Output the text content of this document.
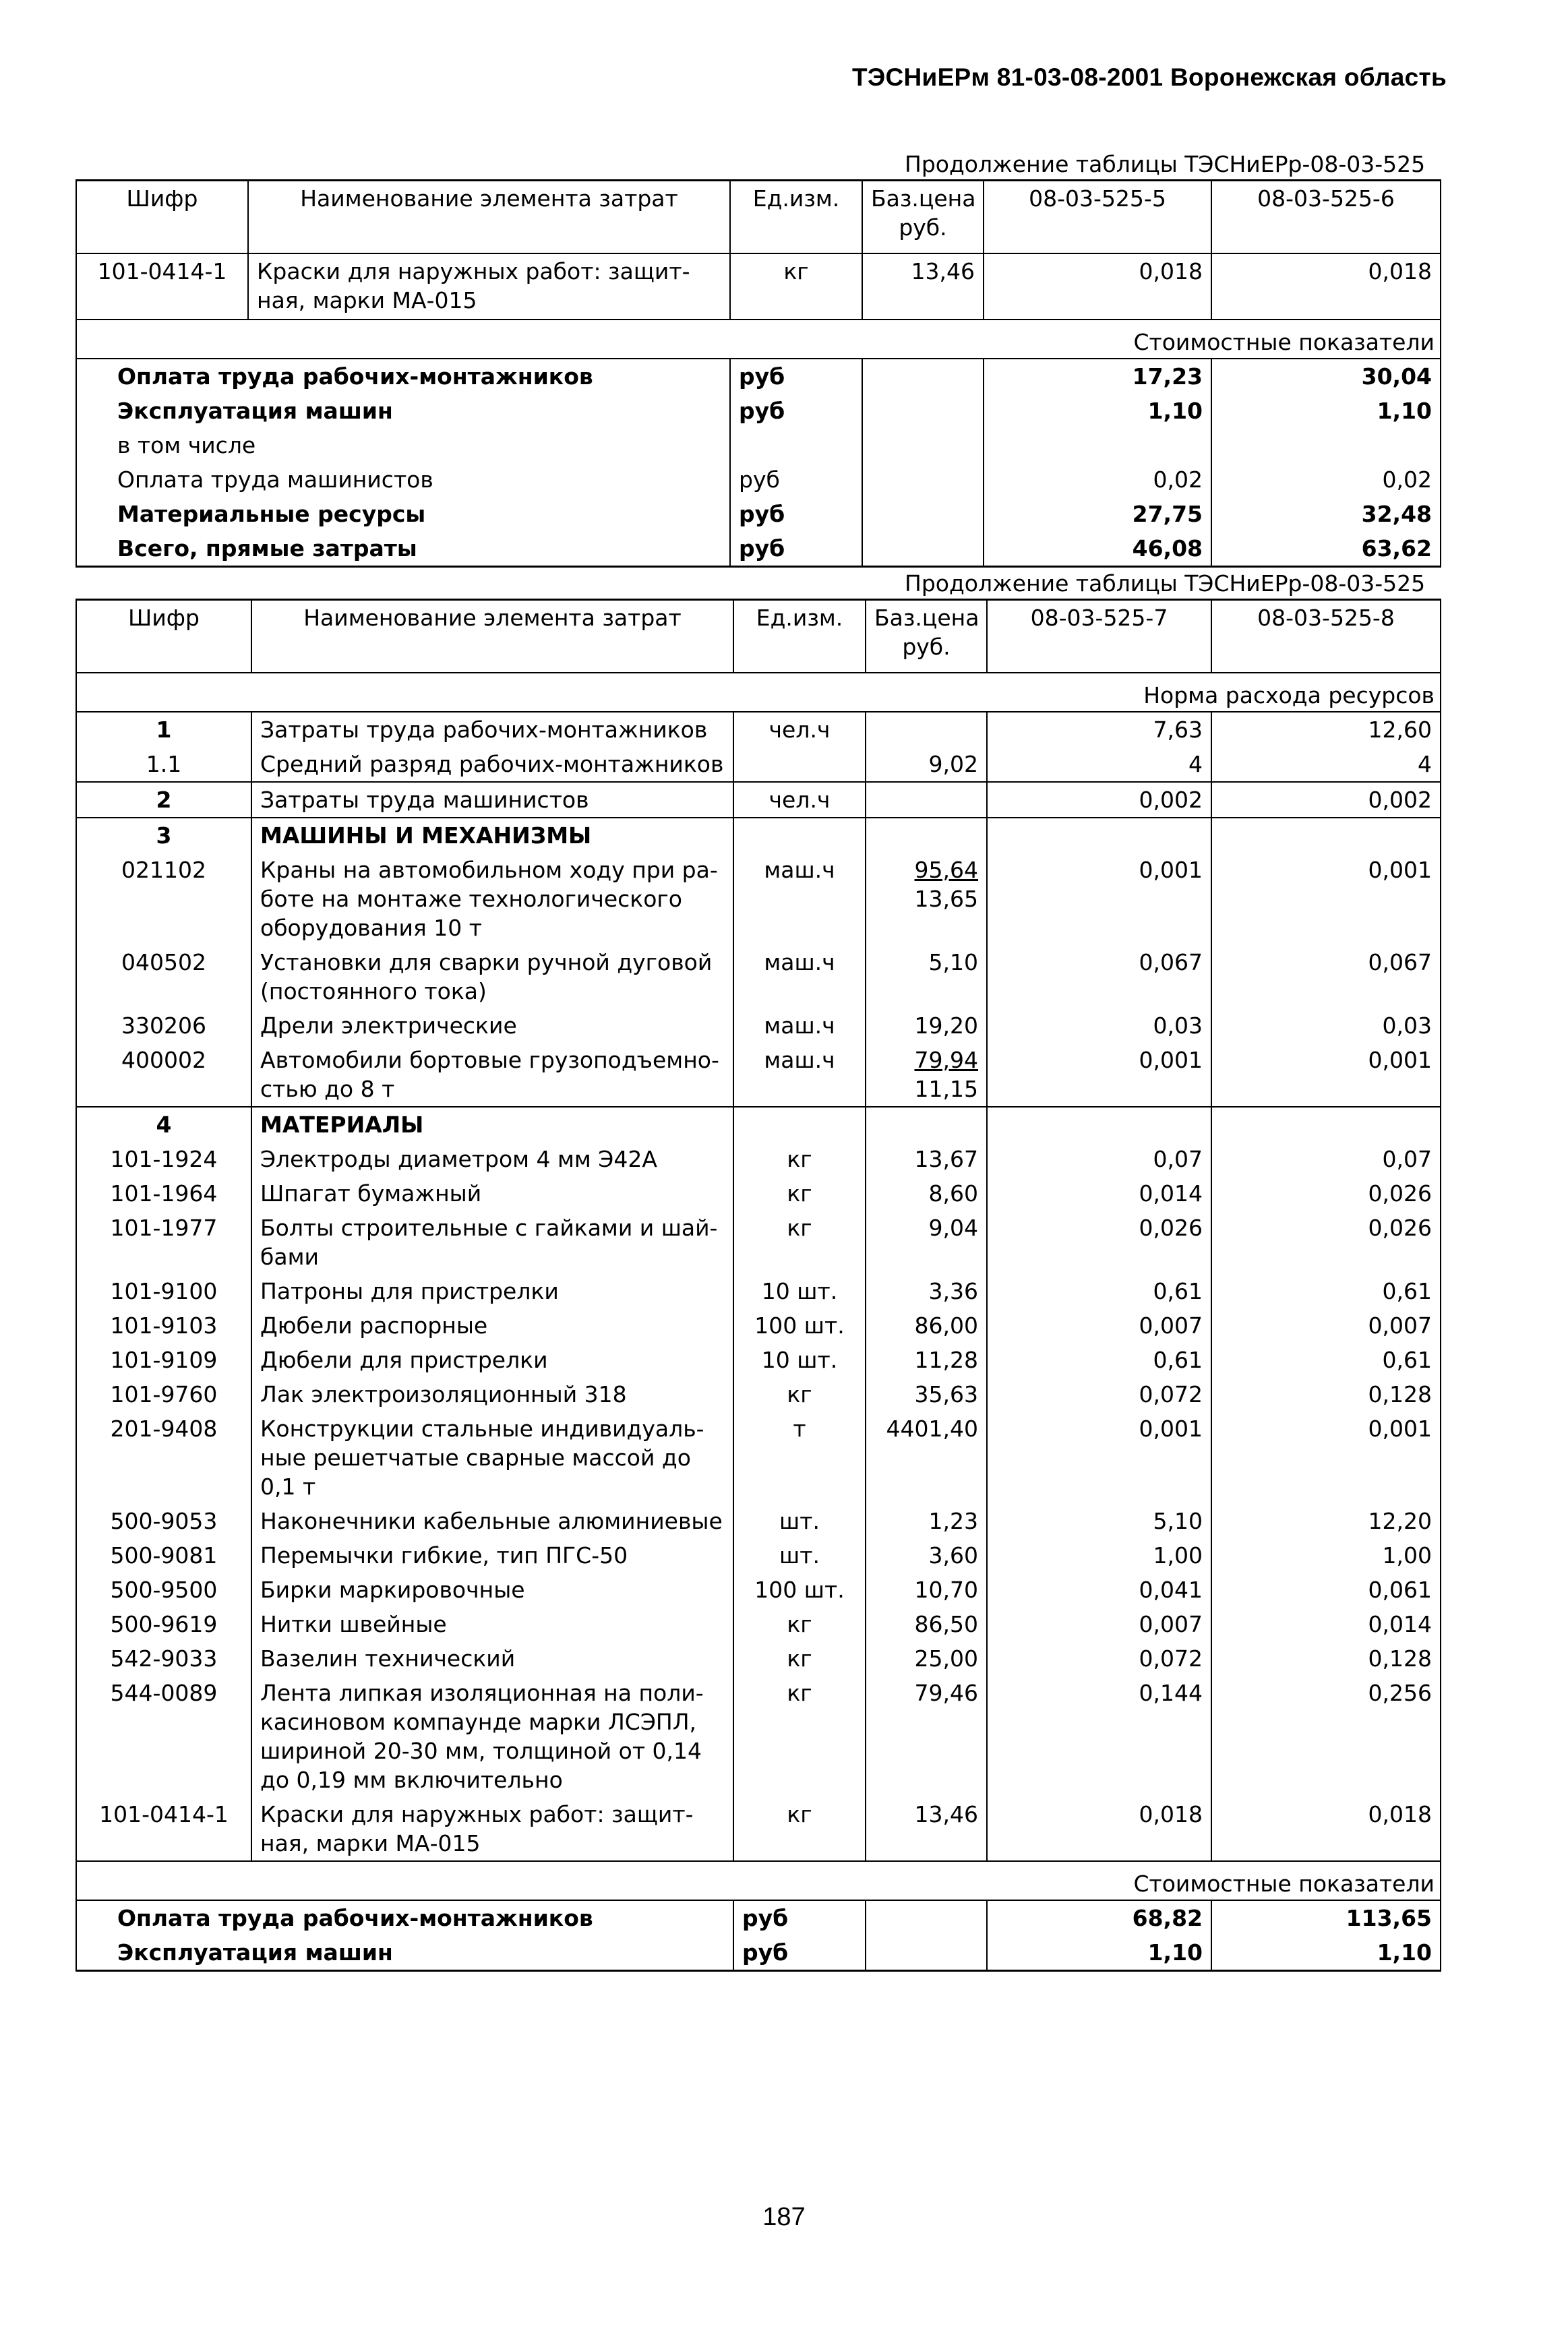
ТЭСНиЕРм 81-03-08-2001 Воронежская область
Продолжение таблицы ТЭСНиЕРр-08-03-525
Шифр	Наименование элемента затрат	Ед.изм.	Баз.цена руб.	08-03-525-5	08-03-525-6
101-0414-1	Краски для наружных работ: защит-ная, марки МА-015	кг	13,46	0,018	0,018
Стоимостные показатели					
Оплата труда рабочих-монтажников		руб		17,23	30,04
Эксплуатация машин		руб		1,10	1,10
в том числе					
Оплата труда машинистов		руб		0,02	0,02
Материальные ресурсы		руб		27,75	32,48
Всего, прямые затраты		руб		46,08	63,62
Продолжение таблицы ТЭСНиЕРр-08-03-525
Шифр	Наименование элемента затрат	Ед.изм.	Баз.цена руб.	08-03-525-7	08-03-525-8
Норма расхода ресурсов					
1	Затраты труда рабочих-монтажников	чел.ч		7,63	12,60
1.1	Средний разряд рабочих-монтажников		9,02	4	4
2	Затраты труда машинистов	чел.ч		0,002	0,002
3	МАШИНЫ И МЕХАНИЗМЫ				
021102	Краны на автомобильном ходу при ра-боте на монтаже технологического оборудования 10 т	маш.ч	$\frac{95,64}{13,65}$	0,001	0,001
040502	Установки для сварки ручной дуговой (постоянного тока)	маш.ч	5,10	0,067	0,067
330206	Дрели электрические	маш.ч	19,20	0,03	0,03
400002	Автомобили бортовые грузоподъемно-стью до 8 т	маш.ч	$\frac{79,94}{11,15}$	0,001	0,001
4	МАТЕРИАЛЫ				
101-1924	Электроды диаметром 4 мм Э42А	кг	13,67	0,07	0,07
101-1964	Шпагат бумажный	кг	8,60	0,014	0,026
101-1977	Болты строительные с гайками и шай-бами	кг	9,04	0,026	0,026
101-9100	Патроны для пристрелки	10 шт.	3,36	0,61	0,61
101-9103	Дюбели распорные	100 шт.	86,00	0,007	0,007
101-9109	Дюбели для пристрелки	10 шт.	11,28	0,61	0,61
101-9760	Лак электроизоляционный 318	кг	35,63	0,072	0,128
201-9408	Конструкции стальные индивидуаль-ные решетчатые сварные массой до 0,1 т	т	4401,40	0,001	0,001
500-9053	Наконечники кабельные алюминиевые	шт.	1,23	5,10	12,20
500-9081	Перемычки гибкие, тип ПГС-50	шт.	3,60	1,00	1,00
500-9500	Бирки маркировочные	100 шт.	10,70	0,041	0,061
500-9619	Нитки швейные	кг	86,50	0,007	0,014
542-9033	Вазелин технический	кг	25,00	0,072	0,128
544-0089	Лента липкая изоляционная на поли-касиновом компаунде марки ЛСЭПЛ, шириной 20-30 мм, толщиной от 0,14 до 0,19 мм включительно	кг	79,46	0,144	0,256
101-0414-1	Краски для наружных работ: защит-ная, марки МА-015	кг	13,46	0,018	0,018
Стоимостные показатели					
Оплата труда рабочих-монтажников		руб		68,82	113,65
Эксплуатация машин		руб		1,10	1,10
187
